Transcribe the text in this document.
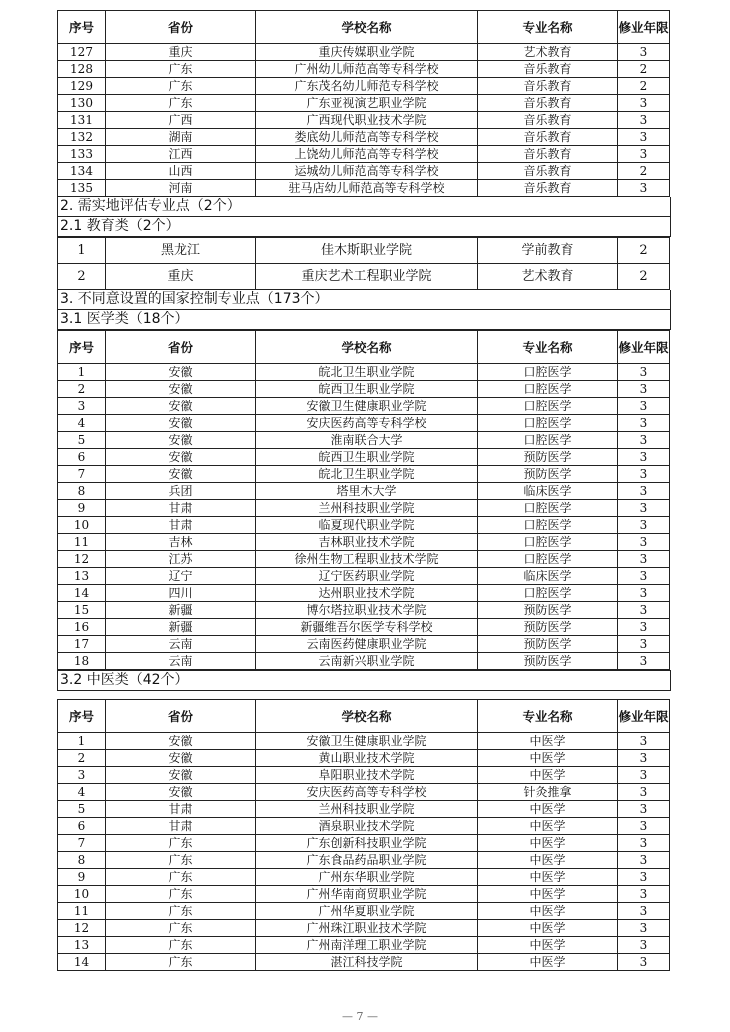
序号	省份	学校名称	专业名称	修业年限
127	重庆	重庆传媒职业学院	艺术教育	3
128	广东	广州幼儿师范高等专科学校	音乐教育	2
129	广东	广东茂名幼儿师范专科学校	音乐教育	2
130	广东	广东亚视演艺职业学院	音乐教育	3
131	广西	广西现代职业技术学院	音乐教育	3
132	湖南	娄底幼儿师范高等专科学校	音乐教育	3
133	江西	上饶幼儿师范高等专科学校	音乐教育	3
134	山西	运城幼儿师范高等专科学校	音乐教育	2
135	河南	驻马店幼儿师范高等专科学校	音乐教育	3
2. 需实地评估专业点（2个）
2.1 教育类（2个）
1	黑龙江	佳木斯职业学院	学前教育	2
2	重庆	重庆艺术工程职业学院	艺术教育	2
3. 不同意设置的国家控制专业点（173个）
3.1 医学类（18个）
序号	省份	学校名称	专业名称	修业年限
1	安徽	皖北卫生职业学院	口腔医学	3
2	安徽	皖西卫生职业学院	口腔医学	3
3	安徽	安徽卫生健康职业学院	口腔医学	3
4	安徽	安庆医药高等专科学校	口腔医学	3
5	安徽	淮南联合大学	口腔医学	3
6	安徽	皖西卫生职业学院	预防医学	3
7	安徽	皖北卫生职业学院	预防医学	3
8	兵团	塔里木大学	临床医学	3
9	甘肃	兰州科技职业学院	口腔医学	3
10	甘肃	临夏现代职业学院	口腔医学	3
11	吉林	吉林职业技术学院	口腔医学	3
12	江苏	徐州生物工程职业技术学院	口腔医学	3
13	辽宁	辽宁医药职业学院	临床医学	3
14	四川	达州职业技术学院	口腔医学	3
15	新疆	博尔塔拉职业技术学院	预防医学	3
16	新疆	新疆维吾尔医学专科学校	预防医学	3
17	云南	云南医药健康职业学院	预防医学	3
18	云南	云南新兴职业学院	预防医学	3
3.2 中医类（42个）
序号	省份	学校名称	专业名称	修业年限
1	安徽	安徽卫生健康职业学院	中医学	3
2	安徽	黄山职业技术学院	中医学	3
3	安徽	阜阳职业技术学院	中医学	3
4	安徽	安庆医药高等专科学校	针灸推拿	3
5	甘肃	兰州科技职业学院	中医学	3
6	甘肃	酒泉职业技术学院	中医学	3
7	广东	广东创新科技职业学院	中医学	3
8	广东	广东食品药品职业学院	中医学	3
9	广东	广州东华职业学院	中医学	3
10	广东	广州华南商贸职业学院	中医学	3
11	广东	广州华夏职业学院	中医学	3
12	广东	广州珠江职业技术学院	中医学	3
13	广东	广州南洋理工职业学院	中医学	3
14	广东	湛江科技学院	中医学	3
— 7 —
